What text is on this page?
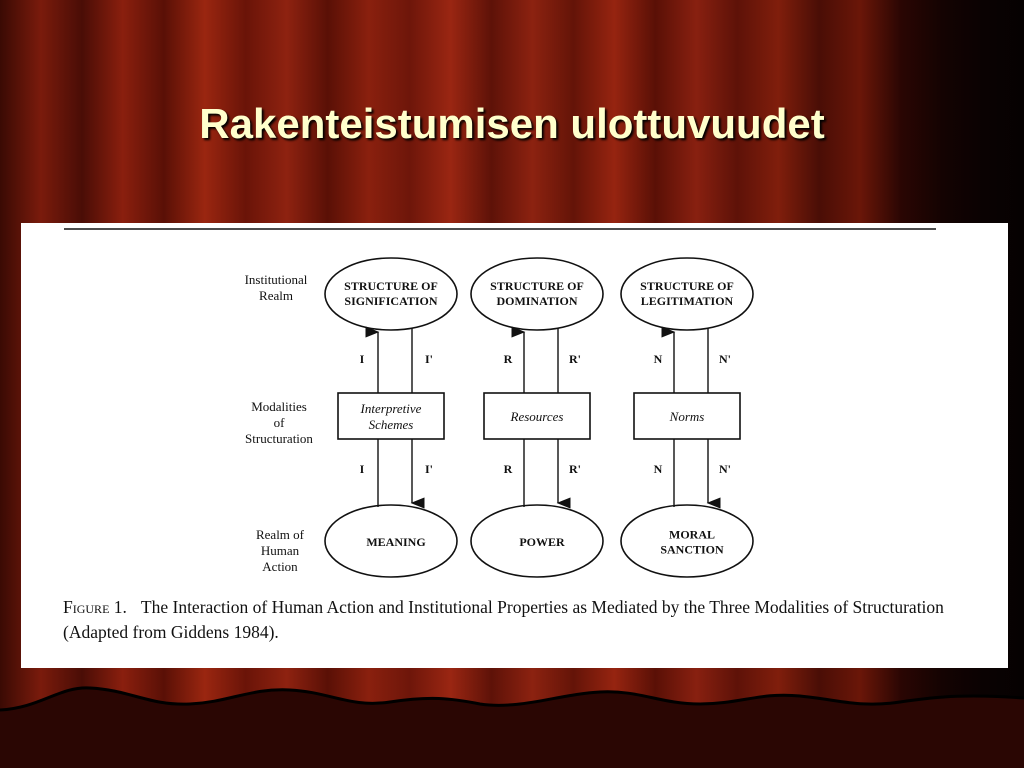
Rakenteistumisen ulottuvuudet
Institutional
Realm
Modalities
of
Structuration
Realm of
Human
Action
STRUCTURE OF
SIGNIFICATION
Interpretive
Schemes
MEANING
I	I'
I	I'
STRUCTURE OF
DOMINATION
Resources
POWER
R	R'
R	R'
STRUCTURE OF
LEGITIMATION
Norms
MORAL
SANCTION
N	N'
N	N'
Figure 1. The Interaction of Human Action and Institutional Properties as Mediated by the Three Modalities of Structuration (Adapted from Giddens 1984).
